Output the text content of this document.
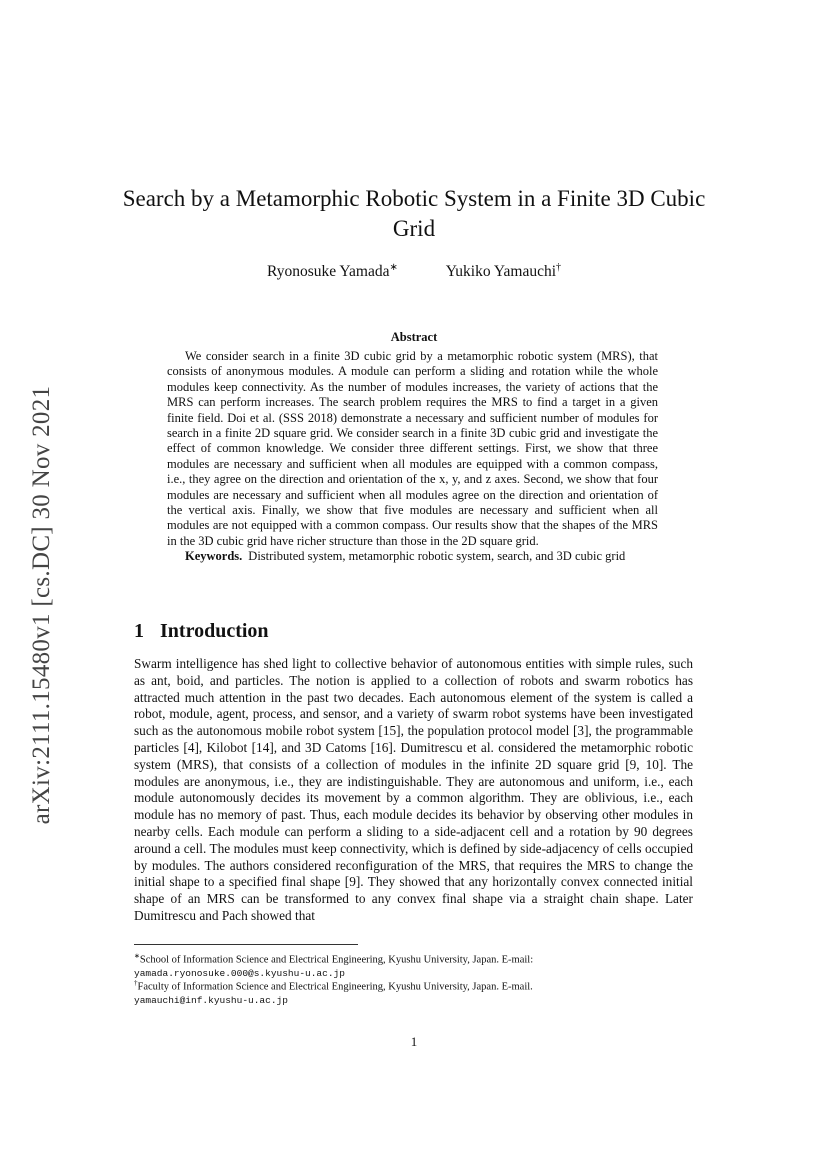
arXiv:2111.15480v1 [cs.DC] 30 Nov 2021
Search by a Metamorphic Robotic System in a Finite 3D Cubic Grid
Ryonosuke Yamada∗	Yukiko Yamauchi†
Abstract

We consider search in a finite 3D cubic grid by a metamorphic robotic system (MRS), that consists of anonymous modules. A module can perform a sliding and rotation while the whole modules keep connectivity. As the number of modules increases, the variety of actions that the MRS can perform increases. The search problem requires the MRS to find a target in a given finite field. Doi et al. (SSS 2018) demonstrate a necessary and sufficient number of modules for search in a finite 2D square grid. We consider search in a finite 3D cubic grid and investigate the effect of common knowledge. We consider three different settings. First, we show that three modules are necessary and sufficient when all modules are equipped with a common compass, i.e., they agree on the direction and orientation of the x, y, and z axes. Second, we show that four modules are necessary and sufficient when all modules agree on the direction and orientation of the vertical axis. Finally, we show that five modules are necessary and sufficient when all modules are not equipped with a common compass. Our results show that the shapes of the MRS in the 3D cubic grid have richer structure than those in the 2D square grid.

Keywords. Distributed system, metamorphic robotic system, search, and 3D cubic grid

1 Introduction

Swarm intelligence has shed light to collective behavior of autonomous entities with simple rules, such as ant, boid, and particles. The notion is applied to a collection of robots and swarm robotics has attracted much attention in the past two decades. Each autonomous element of the system is called a robot, module, agent, process, and sensor, and a variety of swarm robot systems have been investigated such as the autonomous mobile robot system [15], the population protocol model [3], the programmable particles [4], Kilobot [14], and 3D Catoms [16]. Dumitrescu et al. considered the metamorphic robotic system (MRS), that consists of a collection of modules in the infinite 2D square grid [9, 10]. The modules are anonymous, i.e., they are indistinguishable. They are autonomous and uniform, i.e., each module autonomously decides its movement by a common algorithm. They are oblivious, i.e., each module has no memory of past. Thus, each module decides its behavior by observing other modules in nearby cells. Each module can perform a sliding to a side-adjacent cell and a rotation by 90 degrees around a cell. The modules must keep connectivity, which is defined by side-adjacency of cells occupied by modules. The authors considered reconfiguration of the MRS, that requires the MRS to change the initial shape to a specified final shape [9]. They showed that any horizontally convex connected initial shape of an MRS can be transformed to any convex final shape via a straight chain shape. Later Dumitrescu and Pach showed that

∗School of Information Science and Electrical Engineering, Kyushu University, Japan. E-mail:
yamada.ryonosuke.000@s.kyushu-u.ac.jp
†Faculty of Information Science and Electrical Engineering, Kyushu University, Japan. E-mail.
yamauchi@inf.kyushu-u.ac.jp
1
